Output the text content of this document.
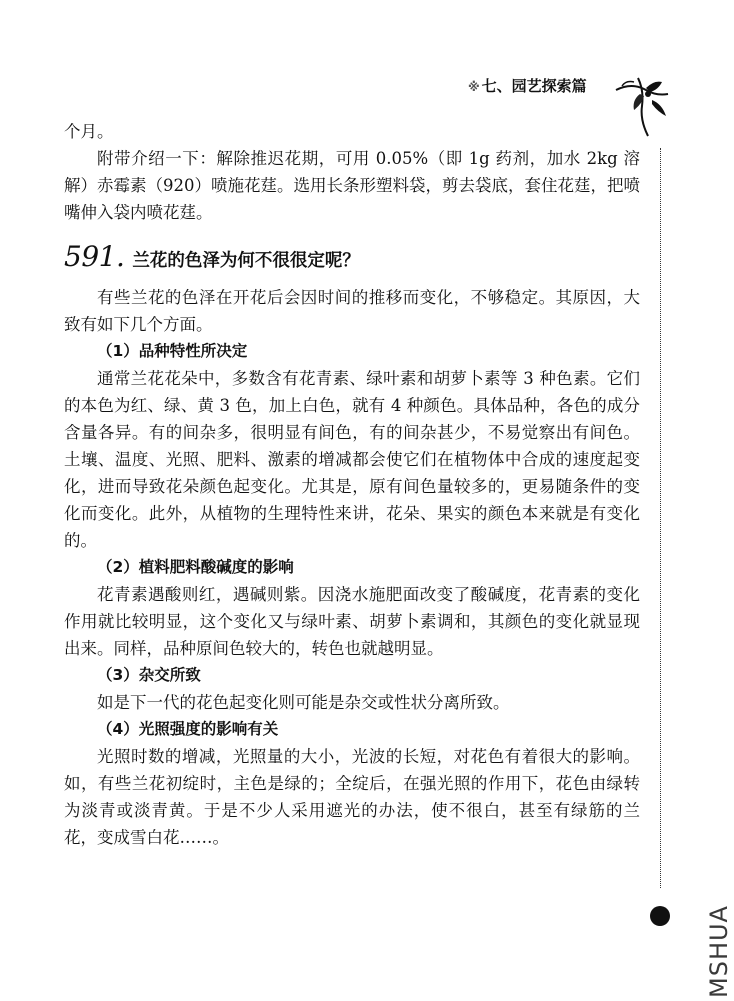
※ 七、园艺探索篇
MSHUA

个月。

附带介绍一下：解除推迟花期，可用 0.05%（即 1g 药剂，加水 2kg 溶解）赤霉素（920）喷施花莛。选用长条形塑料袋，剪去袋底，套住花莛，把喷嘴伸入袋内喷花莛。

591. 兰花的色泽为何不很很定呢？

有些兰花的色泽在开花后会因时间的推移而变化，不够稳定。其原因，大致有如下几个方面。

（1）品种特性所决定

通常兰花花朵中，多数含有花青素、绿叶素和胡萝卜素等 3 种色素。它们的本色为红、绿、黄 3 色，加上白色，就有 4 种颜色。具体品种，各色的成分含量各异。有的间杂多，很明显有间色，有的间杂甚少，不易觉察出有间色。土壤、温度、光照、肥料、激素的增减都会使它们在植物体中合成的速度起变化，进而导致花朵颜色起变化。尤其是，原有间色量较多的，更易随条件的变化而变化。此外，从植物的生理特性来讲，花朵、果实的颜色本来就是有变化的。

（2）植料肥料酸碱度的影响

花青素遇酸则红，遇碱则紫。因浇水施肥面改变了酸碱度，花青素的变化作用就比较明显，这个变化又与绿叶素、胡萝卜素调和，其颜色的变化就显现出来。同样，品种原间色较大的，转色也就越明显。

（3）杂交所致

如是下一代的花色起变化则可能是杂交或性状分离所致。

（4）光照强度的影响有关

光照时数的增减，光照量的大小，光波的长短，对花色有着很大的影响。如，有些兰花初绽时，主色是绿的；全绽后，在强光照的作用下，花色由绿转为淡青或淡青黄。于是不少人采用遮光的办法，使不很白，甚至有绿筋的兰花，变成雪白花……。
